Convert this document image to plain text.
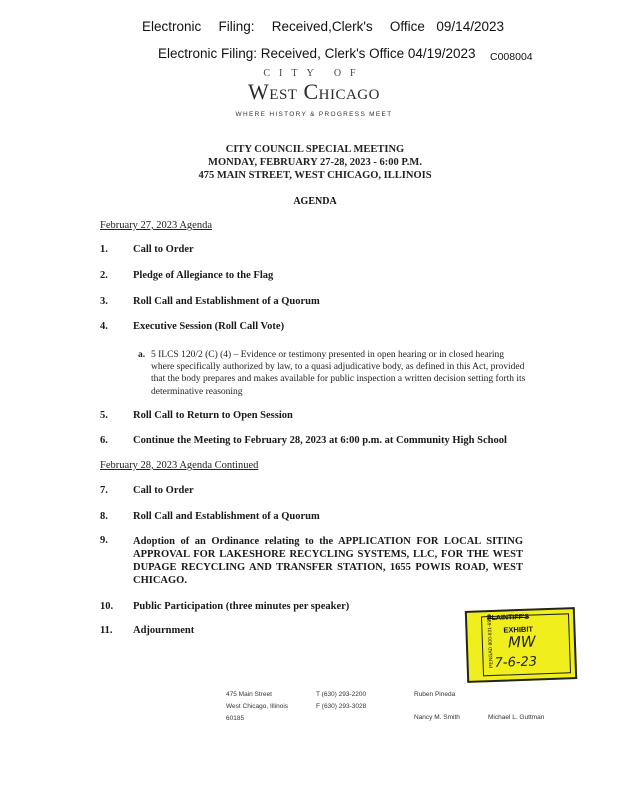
Electronic   Filing:   Received,Clerk's   Office  09/14/2023
Electronic Filing: Received, Clerk's Office 04/19/2023 C008004
CITY OF
West Chicago
WHERE HISTORY & PROGRESS MEET
CITY COUNCIL SPECIAL MEETING
MONDAY, FEBRUARY 27-28, 2023 - 6:00 P.M.
475 MAIN STREET, WEST CHICAGO, ILLINOIS
AGENDA
February 27, 2023 Agenda
1. Call to Order
2. Pledge of Allegiance to the Flag
3. Roll Call and Establishment of a Quorum
4. Executive Session (Roll Call Vote)
a. 5 ILCS 120/2 (C) (4) – Evidence or testimony presented in open hearing or in closed hearing where specifically authorized by law, to a quasi adjudicative body, as defined in this Act, provided that the body prepares and makes available for public inspection a written decision setting forth its determinative reasoning
5. Roll Call to Return to Open Session
6. Continue the Meeting to February 28, 2023 at 6:00 p.m. at Community High School
February 28, 2023 Agenda Continued
7. Call to Order
8. Roll Call and Establishment of a Quorum
9. Adoption of an Ordinance relating to the APPLICATION FOR LOCAL SITING APPROVAL FOR LAKESHORE RECYCLING SYSTEMS, LLC, FOR THE WEST DUPAGE RECYCLING AND TRANSFER STATION, 1655 POWIS ROAD, WEST CHICAGO.
10. Public Participation (three minutes per speaker)
11. Adjournment	PENGAD 800-631-6989
PLAINTIFF'S
EXHIBIT
MW
7-6-23
475 Main Street
West Chicago, Illinois
60185
T (630) 293-2200
F (630) 293-3028
Ruben Pineda
Nancy M. Smith	Michael L. Guttman
